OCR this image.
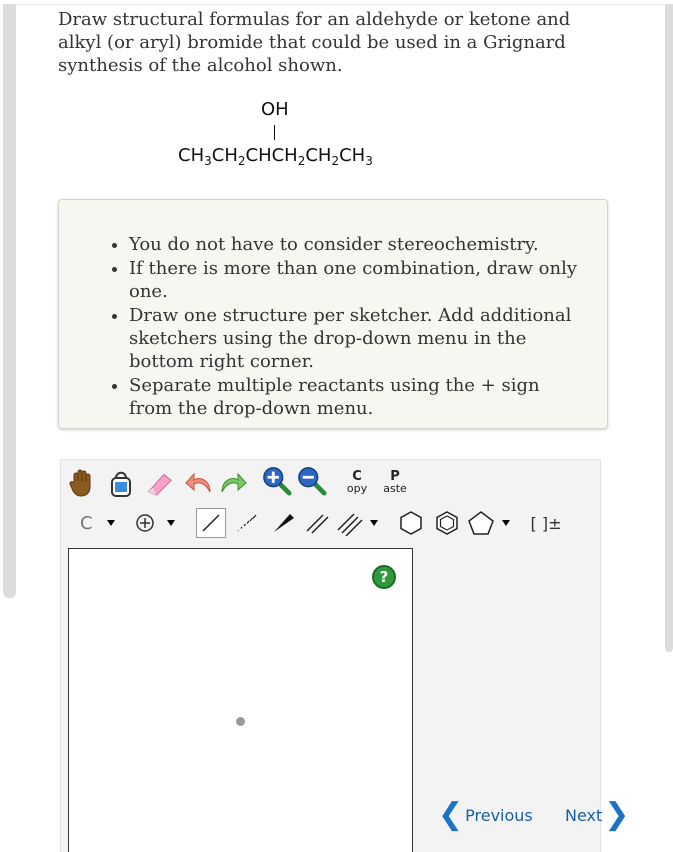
Draw structural formulas for an aldehyde or ketone and alkyl (or aryl) bromide that could be used in a Grignard synthesis of the alcohol shown.
OH
$CH_3CH_2CHCH_2CH_2CH_3$
• You do not have to consider stereochemistry.
• If there is more than one combination, draw only one.
• Draw one structure per sketcher. Add additional sketchers using the drop-down menu in the bottom right corner.
• Separate multiple reactants using the + sign from the drop-down menu.
C
opy
P
aste
C	[ ]±
?
❮ Previous Next ❯
